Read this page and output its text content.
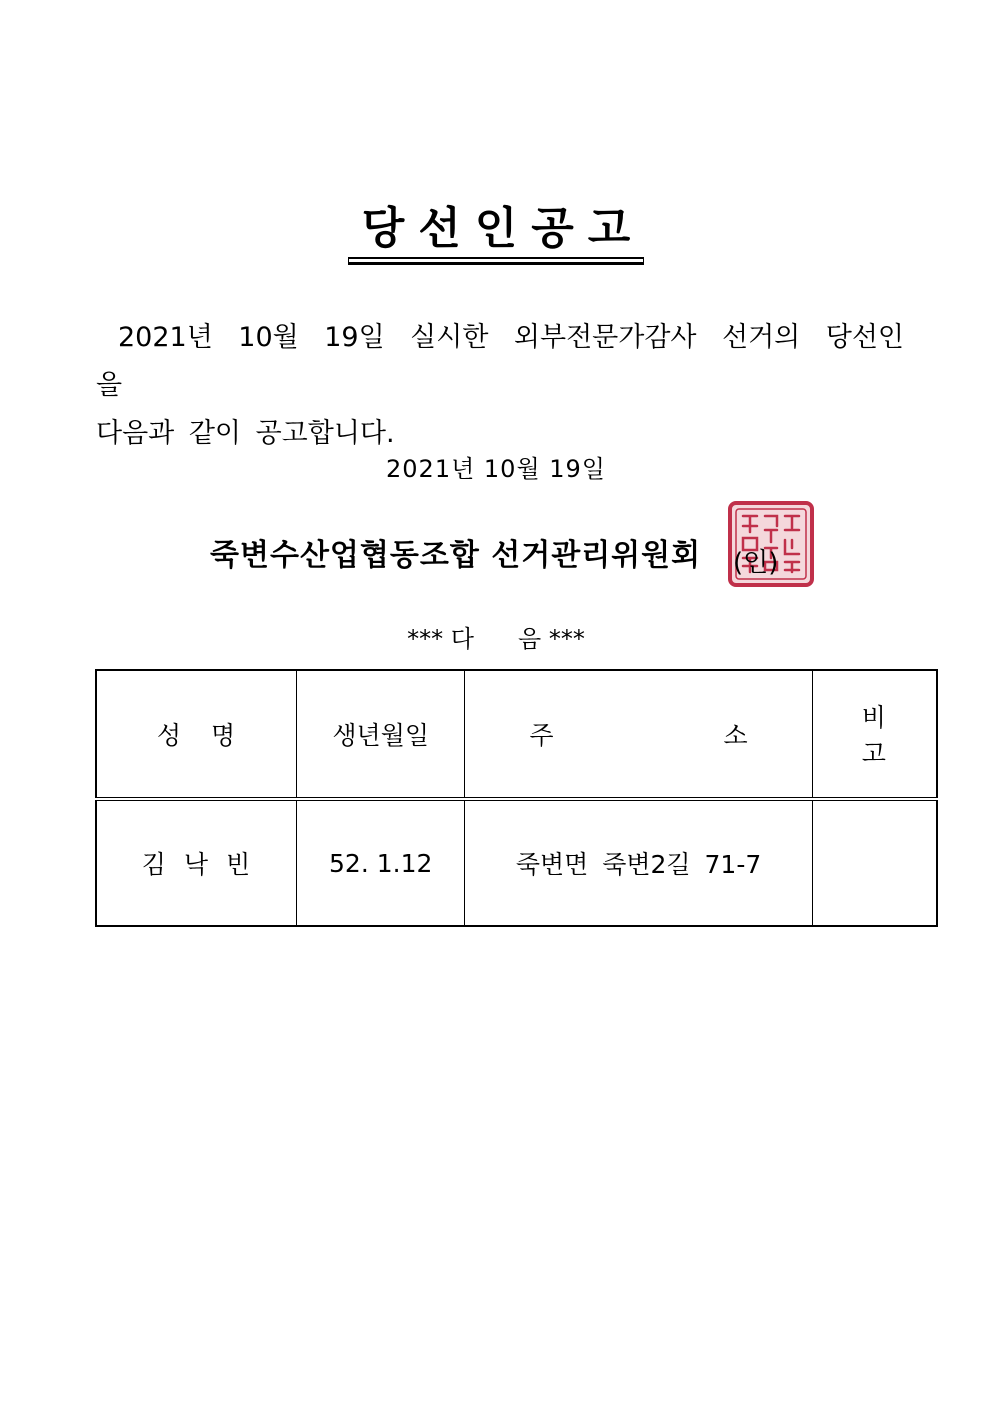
당선인공고
2021년 10월 19일 실시한 외부전문가감사 선거의 당선인을
다음과 같이 공고합니다.
2021년 10월 19일
죽변수산업협동조합 선거관리위원회 (인)
*** 다 음 ***
성명	생년월일	주 소	비고
김낙빈	52. 1.12	죽변면 죽변2길 71-7	
